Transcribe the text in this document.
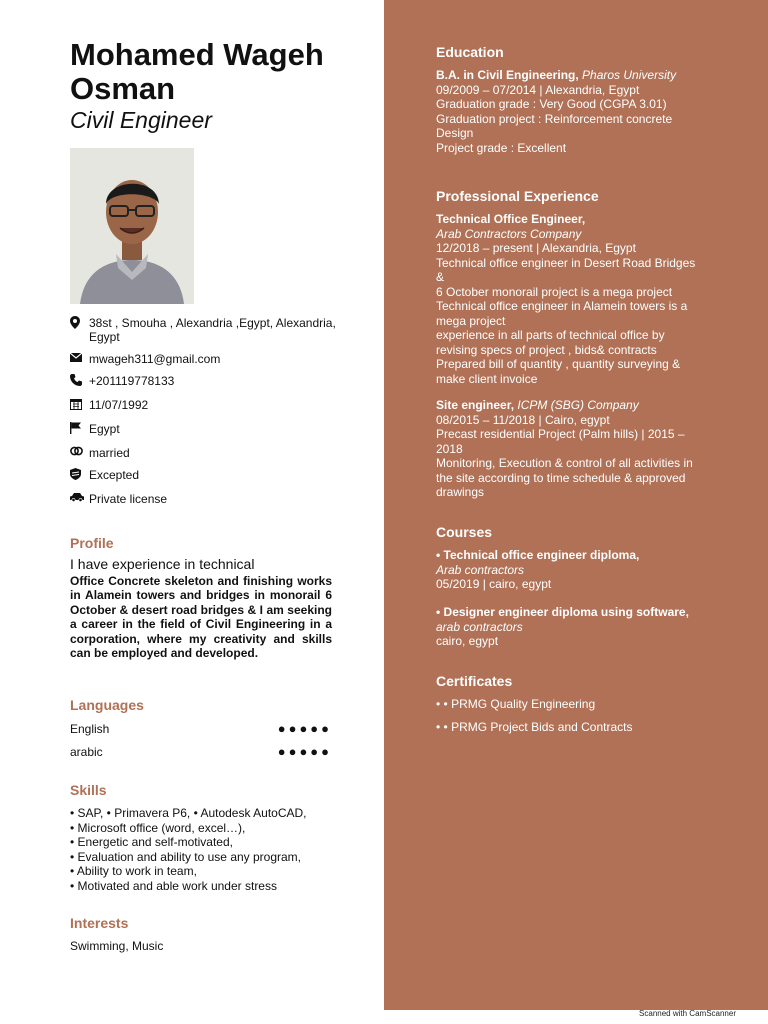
Mohamed Wageh Osman
Civil Engineer
38st , Smouha , Alexandria ,Egypt, Alexandria, Egypt
mwageh311@gmail.com
+201119778133
11/07/1992
Egypt
married
Excepted
Private license
Profile
I have experience in technical
Office Concrete skeleton and finishing works in Alamein towers and bridges in monorail 6 October & desert road bridges & I am seeking a career in the field of Civil Engineering in a corporation, where my creativity and skills can be employed and developed.
Languages
English	●●●●●
arabic	●●●●●
Skills
• SAP, • Primavera P6, • Autodesk AutoCAD,
• Microsoft office (word, excel…),
• Energetic and self-motivated,
• Evaluation and ability to use any program,
• Ability to work in team,
• Motivated and able work under stress
Interests
Swimming, Music
Education
B.A. in Civil Engineering, Pharos University
09/2009 – 07/2014 | Alexandria, Egypt
Graduation grade : Very Good (CGPA 3.01)
Graduation project : Reinforcement concrete Design
Project grade : Excellent
Professional Experience
Technical Office Engineer,
Arab Contractors Company
12/2018 – present | Alexandria, Egypt
Technical office engineer in Desert Road Bridges &
6 October monorail project is a mega project
Technical office engineer in Alamein towers is a mega project
experience in all parts of technical office by revising specs of project , bids& contracts
Prepared bill of quantity , quantity surveying & make client invoice
Site engineer, ICPM (SBG) Company
08/2015 – 11/2018 | Cairo, egypt
Precast residential Project (Palm hills) | 2015 – 2018
Monitoring, Execution & control of all activities in the site according to time schedule & approved drawings
Courses
• Technical office engineer diploma,
Arab contractors
05/2019 | cairo, egypt
• Designer engineer diploma using software, arab contractors
cairo, egypt
Certificates
• • PRMG Quality Engineering
• • PRMG Project Bids and Contracts
Scanned with CamScanner
